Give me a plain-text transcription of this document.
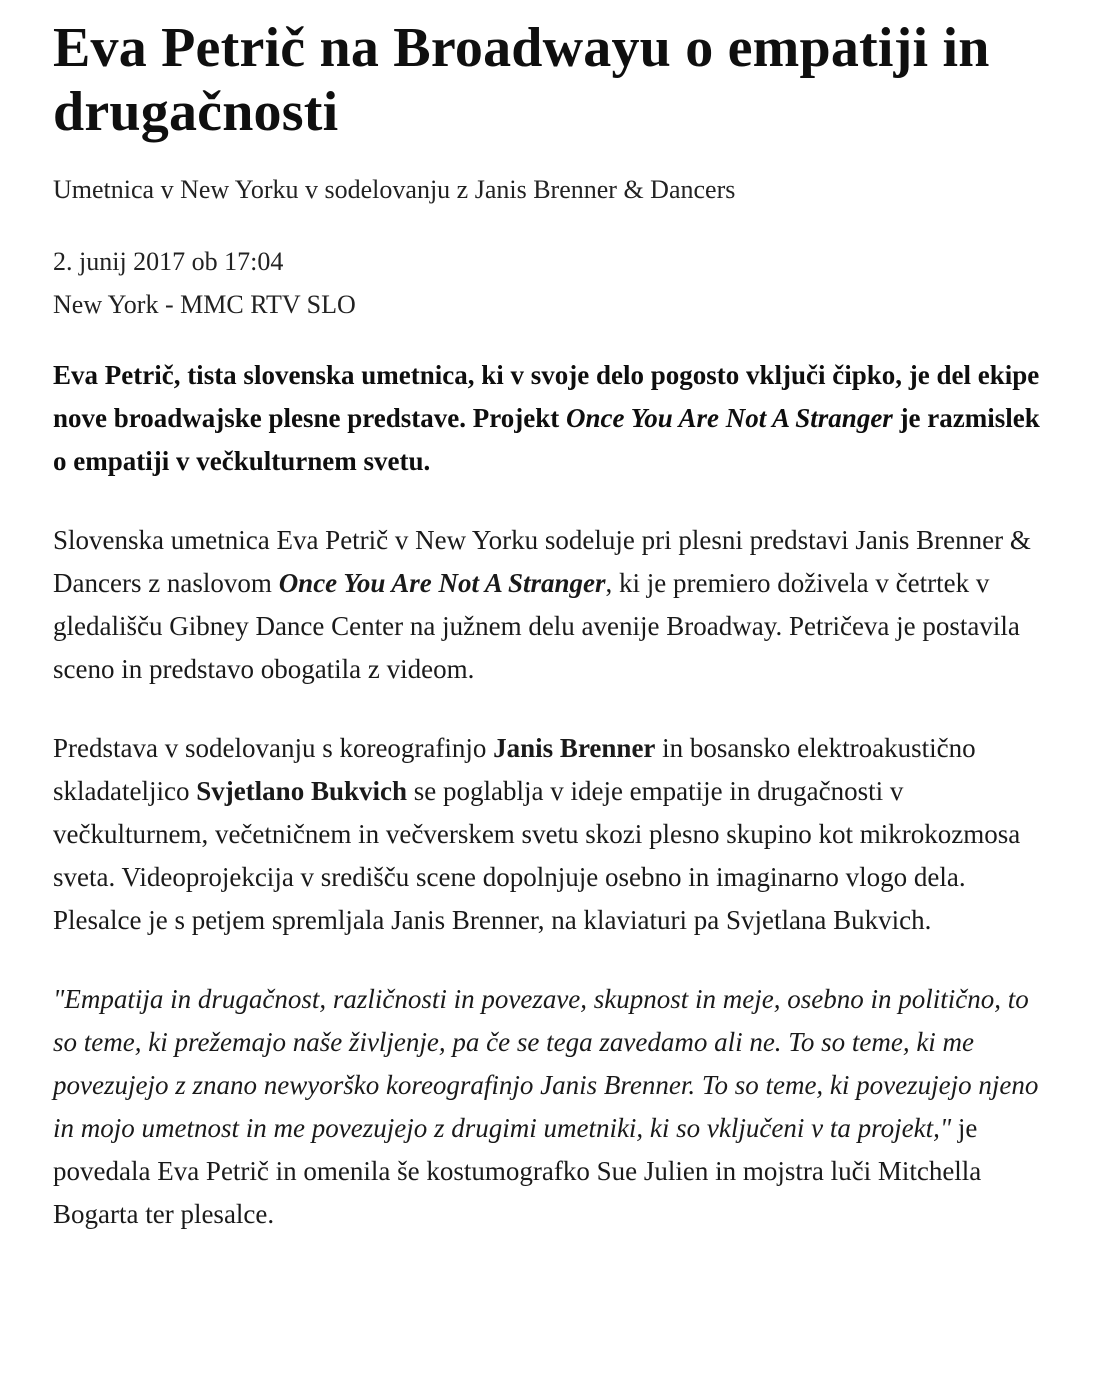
Eva Petrič na Broadwayu o empatiji in drugačnosti
Umetnica v New Yorku v sodelovanju z Janis Brenner & Dancers
2. junij 2017 ob 17:04
New York - MMC RTV SLO

Eva Petrič, tista slovenska umetnica, ki v svoje delo pogosto vključi čipko, je del ekipe nove broadwajske plesne predstave. Projekt Once You Are Not A Stranger je razmislek o empatiji v večkulturnem svetu.

Slovenska umetnica Eva Petrič v New Yorku sodeluje pri plesni predstavi Janis Brenner & Dancers z naslovom Once You Are Not A Stranger, ki je premiero doživela v četrtek v gledališču Gibney Dance Center na južnem delu avenije Broadway. Petričeva je postavila sceno in predstavo obogatila z videom.

Predstava v sodelovanju s koreografinjo Janis Brenner in bosansko elektroakustično skladateljico Svjetlano Bukvich se poglablja v ideje empatije in drugačnosti v večkulturnem, večetničnem in večverskem svetu skozi plesno skupino kot mikrokozmosa sveta. Videoprojekcija v središču scene dopolnjuje osebno in imaginarno vlogo dela. Plesalce je s petjem spremljala Janis Brenner, na klaviaturi pa Svjetlana Bukvich.

"Empatija in drugačnost, različnosti in povezave, skupnost in meje, osebno in politično, to so teme, ki prežemajo naše življenje, pa če se tega zavedamo ali ne. To so teme, ki me povezujejo z znano newyorško koreografinjo Janis Brenner. To so teme, ki povezujejo njeno in mojo umetnost in me povezujejo z drugimi umetniki, ki so vključeni v ta projekt," je povedala Eva Petrič in omenila še kostumografko Sue Julien in mojstra luči Mitchella Bogarta ter plesalce.
